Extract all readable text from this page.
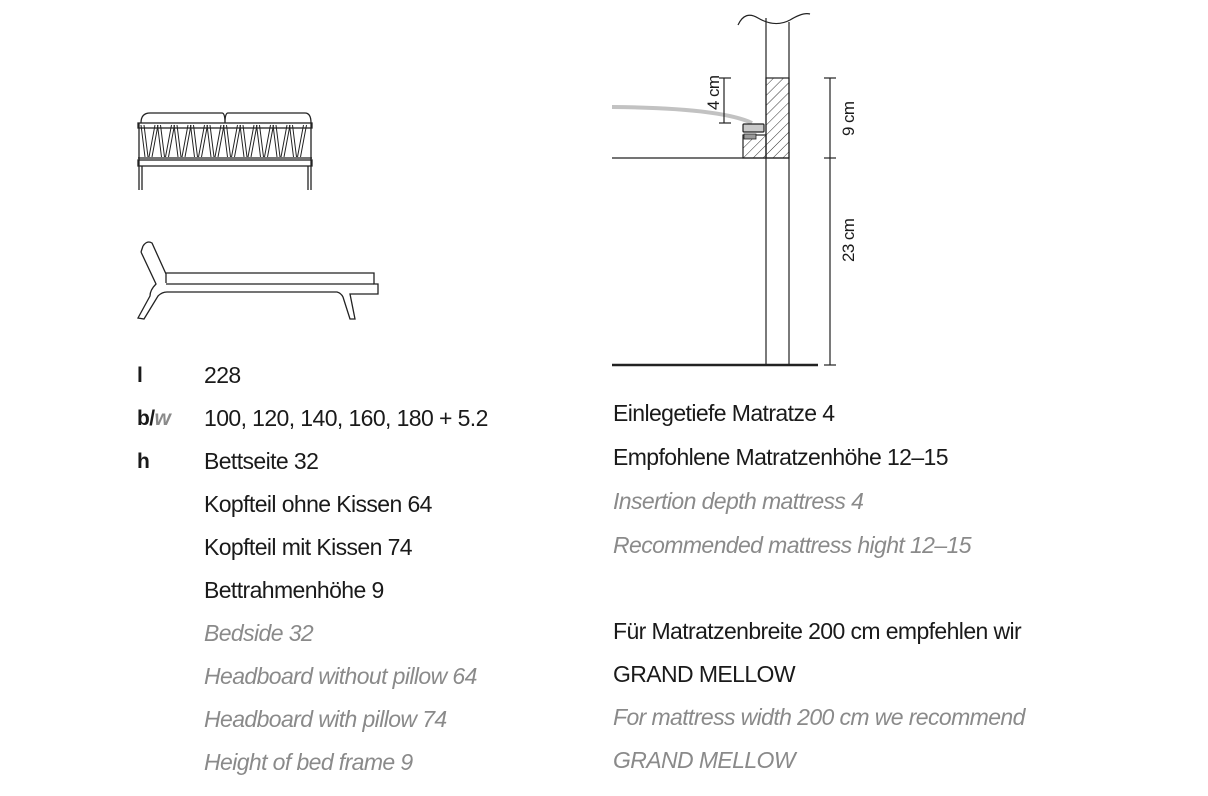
4 cm
9 cm
23 cm
l	228
b/w 100, 120, 140, 160, 180 + 5.2
h Bettseite 32
Kopfteil ohne Kissen 64
Kopfteil mit Kissen 74
Bettrahmenhöhe 9
Bedside 32
Headboard without pillow 64
Headboard with pillow 74
Height of bed frame 9
Einlegetiefe Matratze 4
Empfohlene Matratzenhöhe 12–15
Insertion depth mattress 4
Recommended mattress hight 12–15
Für Matratzenbreite 200 cm empfehlen wir
GRAND MELLOW
For mattress width 200 cm we recommend
GRAND MELLOW
